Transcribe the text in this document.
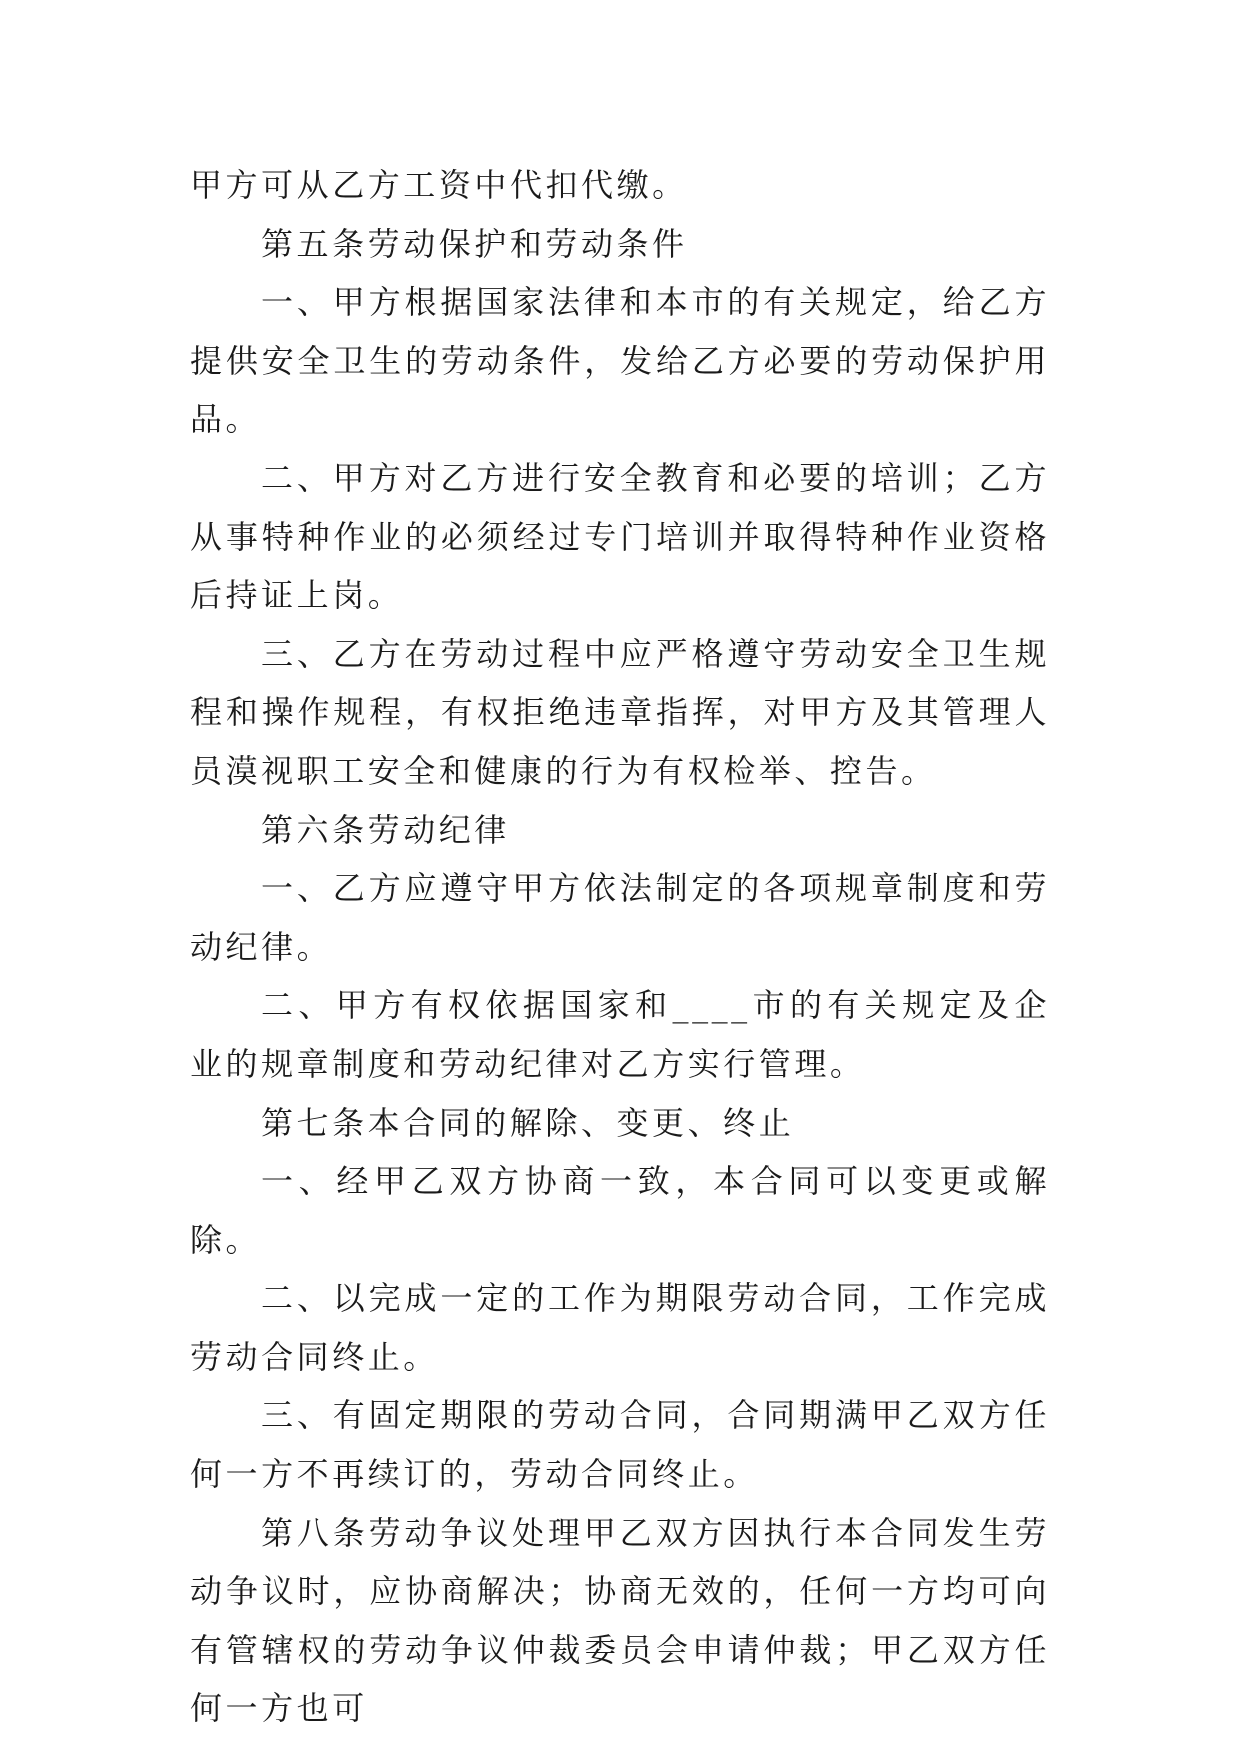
甲方可从乙方工资中代扣代缴。

第五条劳动保护和劳动条件

一、甲方根据国家法律和本市的有关规定，给乙方提供安全卫生的劳动条件，发给乙方必要的劳动保护用品。

二、甲方对乙方进行安全教育和必要的培训；乙方从事特种作业的必须经过专门培训并取得特种作业资格后持证上岗。

三、乙方在劳动过程中应严格遵守劳动安全卫生规程和操作规程，有权拒绝违章指挥，对甲方及其管理人员漠视职工安全和健康的行为有权检举、控告。

第六条劳动纪律

一、乙方应遵守甲方依法制定的各项规章制度和劳动纪律。

二、甲方有权依据国家和____市的有关规定及企业的规章制度和劳动纪律对乙方实行管理。

第七条本合同的解除、变更、终止

一、经甲乙双方协商一致，本合同可以变更或解除。

二、以完成一定的工作为期限劳动合同，工作完成劳动合同终止。

三、有固定期限的劳动合同，合同期满甲乙双方任何一方不再续订的，劳动合同终止。

第八条劳动争议处理甲乙双方因执行本合同发生劳动争议时，应协商解决；协商无效的，任何一方均可向有管辖权的劳动争议仲裁委员会申请仲裁；甲乙双方任何一方也可
